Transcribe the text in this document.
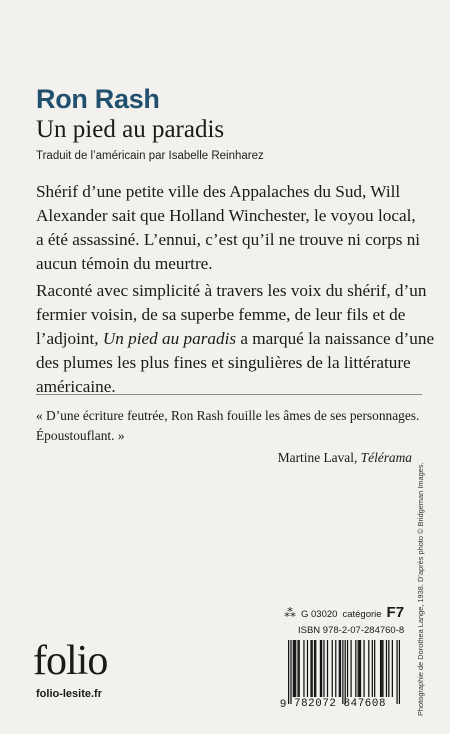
Ron Rash
Un pied au paradis
Traduit de l’américain par Isabelle Reinharez

Shérif d’une petite ville des Appalaches du Sud, Will
Alexander sait que Holland Winchester, le voyou local,
a été assassiné. L’ennui, c’est qu’il ne trouve ni corps ni
aucun témoin du meurtre.

Raconté avec simplicité à travers les voix du shérif, d’un
fermier voisin, de sa superbe femme, de leur fils et de
l’adjoint, Un pied au paradis a marqué la naissance d’une
des plumes les plus fines et singulières de la littérature
américaine.

« D’une écriture feutrée, Ron Rash fouille les âmes de ses personnages.
Époustouflant. »
Martine Laval, Télérama
Photographie de Dorothea Lange, 1938. D’après photo © Bridgeman Images.
⁂ G 03020 catégorie F7
ISBN 978-2-07-284760-8
9 782072 847608
folio
folio-lesite.fr
